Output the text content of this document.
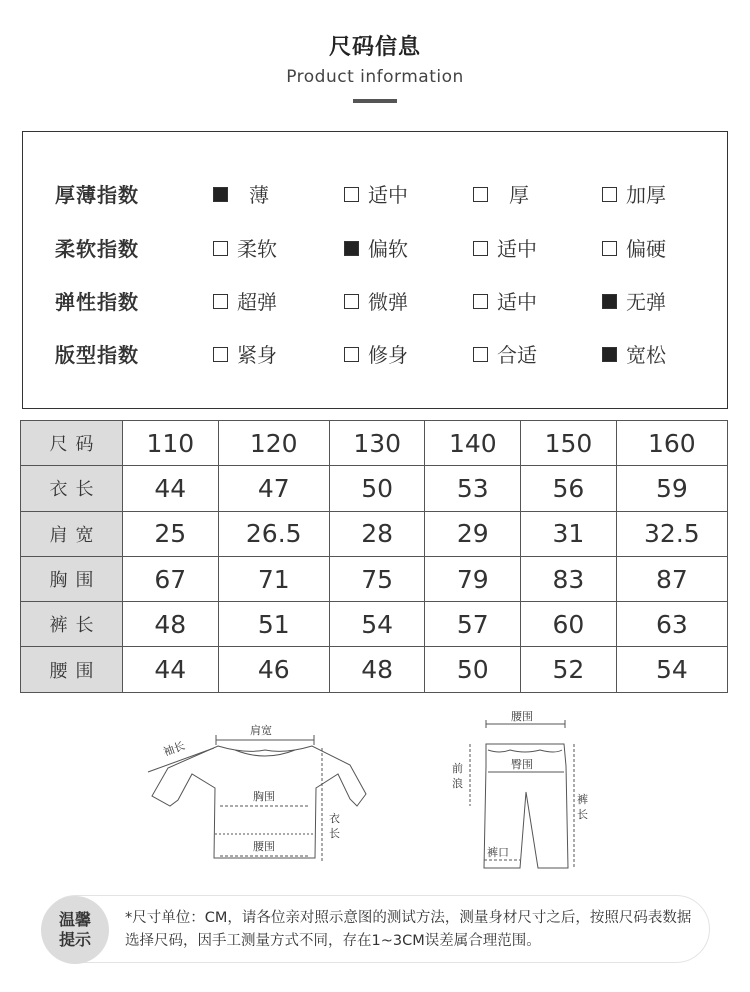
尺码信息
Product information
厚薄指数	薄	适中	厚	加厚
柔软指数	柔软	偏软	适中	偏硬
弹性指数	超弹	微弹	适中	无弹
版型指数	紧身	修身	合适	宽松
尺码	110	120	130	140	150	160
衣长	44	47	50	53	56	59
肩宽	25	26.5	28	29	31	32.5
胸围	67	71	75	79	83	87
裤长	48	51	54	57	60	63
腰围	44	46	48	50	52	54
肩宽
袖长
胸围
腰围
衣
长
腰围
臀围
前
浪
裤
长
裤口
温馨
提示
*尺寸单位：CM，请各位亲对照示意图的测试方法，测量身材尺寸之后，按照尺码表数据选择尺码，因手工测量方式不同，存在1~3CM误差属合理范围。
